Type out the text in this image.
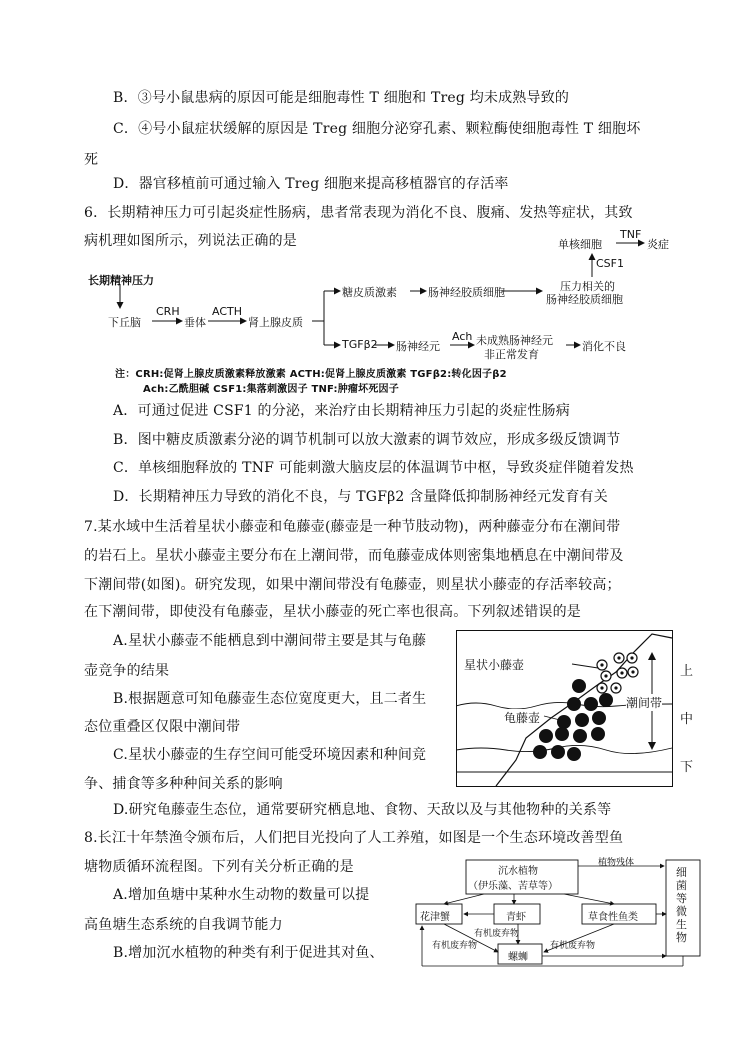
B．③号小鼠患病的原因可能是细胞毒性 T 细胞和 Treg 均未成熟导致的
C．④号小鼠症状缓解的原因是 Treg 细胞分泌穿孔素、颗粒酶使细胞毒性 T 细胞坏
死
D．器官移植前可通过输入 Treg 细胞来提高移植器官的存活率
6．长期精神压力可引起炎症性肠病，患者常表现为消化不良、腹痛、发热等症状，其致
病机理如图所示，列说法正确的是
长期精神压力
下丘脑
CRH
垂体
ACTH
肾上腺皮质
糖皮质激素	肠神经胶质细胞	压力相关的
肠神经胶质细胞
CSF1
单核细胞
TNF
炎症
TGFβ2 肠神经元
Ach 未成熟肠神经元
非正常发育
消化不良
注：CRH:促肾上腺皮质激素释放激素 ACTH:促肾上腺皮质激素 TGFβ2:转化因子β2
Ach:乙酰胆碱 CSF1:集落刺激因子 TNF:肿瘤坏死因子
A．可通过促进 CSF1 的分泌，来治疗由长期精神压力引起的炎症性肠病
B．图中糖皮质激素分泌的调节机制可以放大激素的调节效应，形成多级反馈调节
C．单核细胞释放的 TNF 可能刺激大脑皮层的体温调节中枢，导致炎症伴随着发热
D．长期精神压力导致的消化不良，与 TGFβ2 含量降低抑制肠神经元发育有关
7.某水域中生活着星状小藤壶和龟藤壶(藤壶是一种节肢动物)，两种藤壶分布在潮间带
的岩石上。星状小藤壶主要分布在上潮间带，而龟藤壶成体则密集地栖息在中潮间带及
下潮间带(如图)。研究发现，如果中潮间带没有龟藤壶，则星状小藤壶的存活率较高；
在下潮间带，即使没有龟藤壶，星状小藤壶的死亡率也很高。下列叙述错误的是
A.星状小藤壶不能栖息到中潮间带主要是其与龟藤
壶竞争的结果
B.根据题意可知龟藤壶生态位宽度更大，且二者生
态位重叠区仅限中潮间带
C.星状小藤壶的生存空间可能受环境因素和种间竞
争、捕食等多种种间关系的影响
星状小藤壶
龟藤壶
潮间带
上
中
下
D.研究龟藤壶生态位，通常要研究栖息地、食物、天敌以及与其他物种的关系等
8.长江十年禁渔令颁布后，人们把目光投向了人工养殖，如图是一个生态环境改善型鱼
塘物质循环流程图。下列有关分析正确的是
A.增加鱼塘中某种水生动物的数量可以提
高鱼塘生态系统的自我调节能力
B.增加沉水植物的种类有利于促进其对鱼、
沉水植物
（伊乐藻、苦草等）
植物残体
花津蟹	青虾	草食性鱼类
螺蛳
有机废弃物
有机废弃物	有机废弃物
细菌等微生物
